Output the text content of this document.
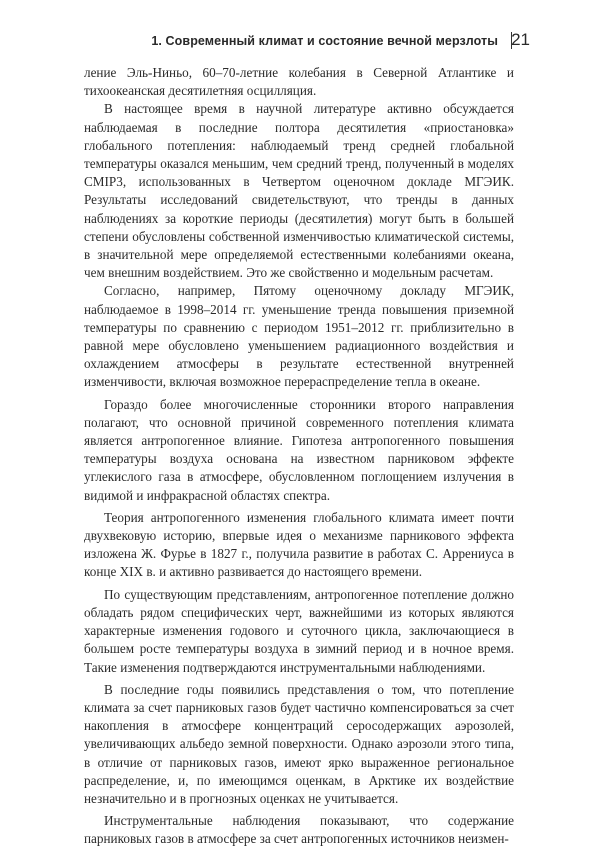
1. Современный климат и состояние вечной мерзлоты 21

ление Эль-Ниньо, 60–70-летние колебания в Северной Атлантике и тихоокеанская десятилетняя осцилляция.

В настоящее время в научной литературе активно обсуждается наблюдаемая в последние полтора десятилетия «приостановка» глобального потепления: наблюдаемый тренд средней глобальной температуры оказался меньшим, чем средний тренд, полученный в моделях СMIP3, использованных в Четвертом оценочном докладе МГЭИК. Результаты исследований свидетельствуют, что тренды в данных наблюдениях за короткие периоды (десятилетия) могут быть в большей степени обусловлены собственной изменчивостью климатической системы, в значительной мере определяемой естественными колебаниями океана, чем внешним воздействием. Это же свойственно и модельным расчетам.

Согласно, например, Пятому оценочному докладу МГЭИК, наблюдаемое в 1998–2014 гг. уменьшение тренда повышения приземной температуры по сравнению с периодом 1951–2012 гг. приблизительно в равной мере обусловлено уменьшением радиационного воздействия и охлаждением атмосферы в результате естественной внутренней изменчивости, включая возможное перераспределение тепла в океане.

Гораздо более многочисленные сторонники второго направления полагают, что основной причиной современного потепления климата является антропогенное влияние. Гипотеза антропогенного повышения температуры воздуха основана на известном парниковом эффекте углекислого газа в атмосфере, обусловленном поглощением излучения в видимой и инфракрасной областях спектра.

Теория антропогенного изменения глобального климата имеет почти двухвековую историю, впервые идея о механизме парникового эффекта изложена Ж. Фурье в 1827 г., получила развитие в работах С. Аррениуса в конце XIX в. и активно развивается до настоящего времени.

По существующим представлениям, антропогенное потепление должно обладать рядом специфических черт, важнейшими из которых являются характерные изменения годового и суточного цикла, заключающиеся в большем росте температуры воздуха в зимний период и в ночное время. Такие изменения подтверждаются инструментальными наблюдениями.

В последние годы появились представления о том, что потепление климата за счет парниковых газов будет частично компенсироваться за счет накопления в атмосфере концентраций серосодержащих аэрозолей, увеличивающих альбедо земной поверхности. Однако аэрозоли этого типа, в отличие от парниковых газов, имеют ярко выраженное региональное распределение, и, по имеющимся оценкам, в Арктике их воздействие незначительно и в прогнозных оценках не учитывается.

Инструментальные наблюдения показывают, что содержание парниковых газов в атмосфере за счет антропогенных источников неизмен-
